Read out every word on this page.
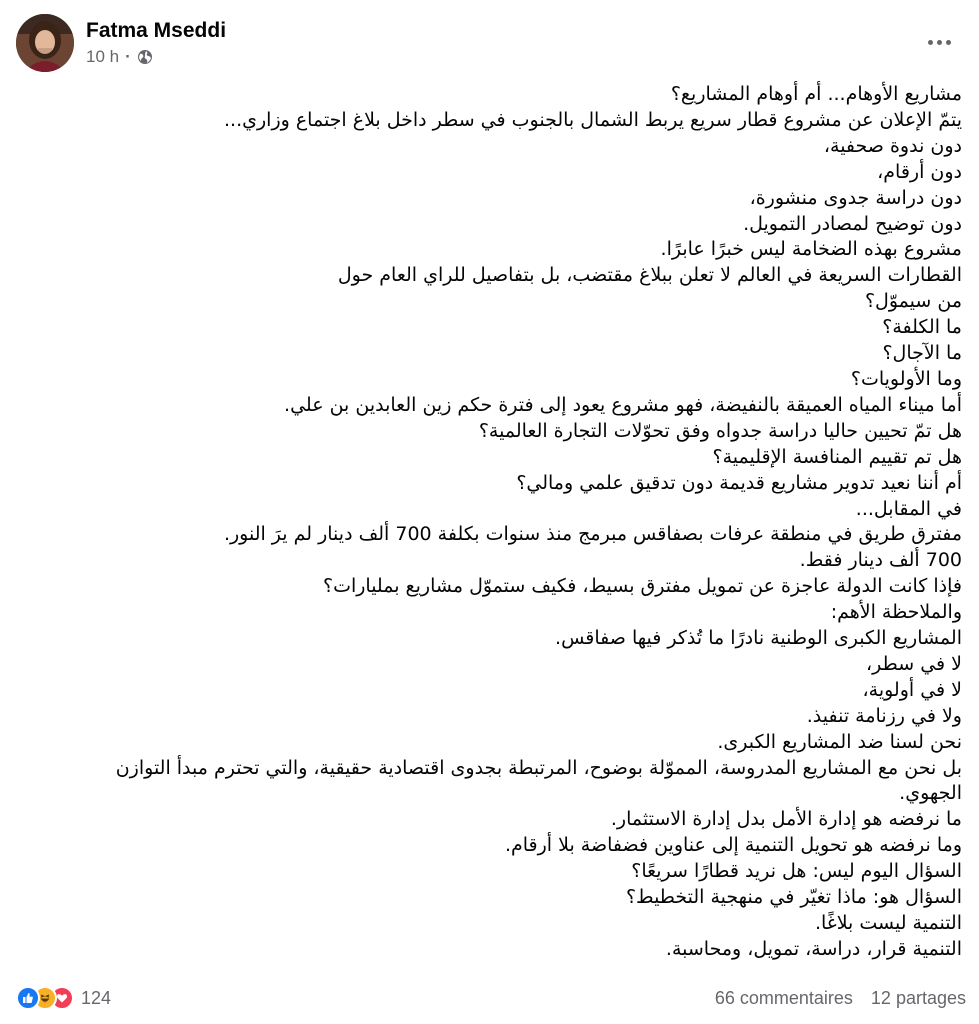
Fatma Mseddi
10 h ·

مشاريع الأوهام... أم أوهام المشاريع؟

يتمّ الإعلان عن مشروع قطار سريع يربط الشمال بالجنوب في سطر داخل بلاغ اجتماع وزاري...

دون ندوة صحفية،

دون أرقام،

دون دراسة جدوى منشورة،

دون توضيح لمصادر التمويل.

مشروع بهذه الضخامة ليس خبرًا عابرًا.

القطارات السريعة في العالم لا تعلن ببلاغ مقتضب، بل بتفاصيل للراي العام حول

من سيموّل؟

ما الكلفة؟

ما الآجال؟

وما الأولويات؟

أما ميناء المياه العميقة بالنفيضة، فهو مشروع يعود إلى فترة حكم زين العابدين بن علي.

هل تمّ تحيين حاليا دراسة جدواه وفق تحوّلات التجارة العالمية؟

هل تم تقييم المنافسة الإقليمية؟

أم أننا نعيد تدوير مشاريع قديمة دون تدقيق علمي ومالي؟

في المقابل...

مفترق طريق في منطقة عرفات بصفاقس مبرمج منذ سنوات بكلفة 700 ألف دينار لم يرَ النور.

700 ألف دينار فقط.

فإذا كانت الدولة عاجزة عن تمويل مفترق بسيط، فكيف ستموّل مشاريع بمليارات؟

والملاحظة الأهم:

المشاريع الكبرى الوطنية نادرًا ما تُذكر فيها صفاقس.

لا في سطر،

لا في أولوية،

ولا في رزنامة تنفيذ.

نحن لسنا ضد المشاريع الكبرى.

بل نحن مع المشاريع المدروسة، المموّلة بوضوح، المرتبطة بجدوى اقتصادية حقيقية، والتي تحترم مبدأ التوازن

الجهوي.

ما نرفضه هو إدارة الأمل بدل إدارة الاستثمار.

وما نرفضه هو تحويل التنمية إلى عناوين فضفاضة بلا أرقام.

السؤال اليوم ليس: هل نريد قطارًا سريعًا؟

السؤال هو: ماذا تغيّر في منهجية التخطيط؟

التنمية ليست بلاغًا.

التنمية قرار، دراسة، تمويل، ومحاسبة.

124	66 commentaires 12 partages
